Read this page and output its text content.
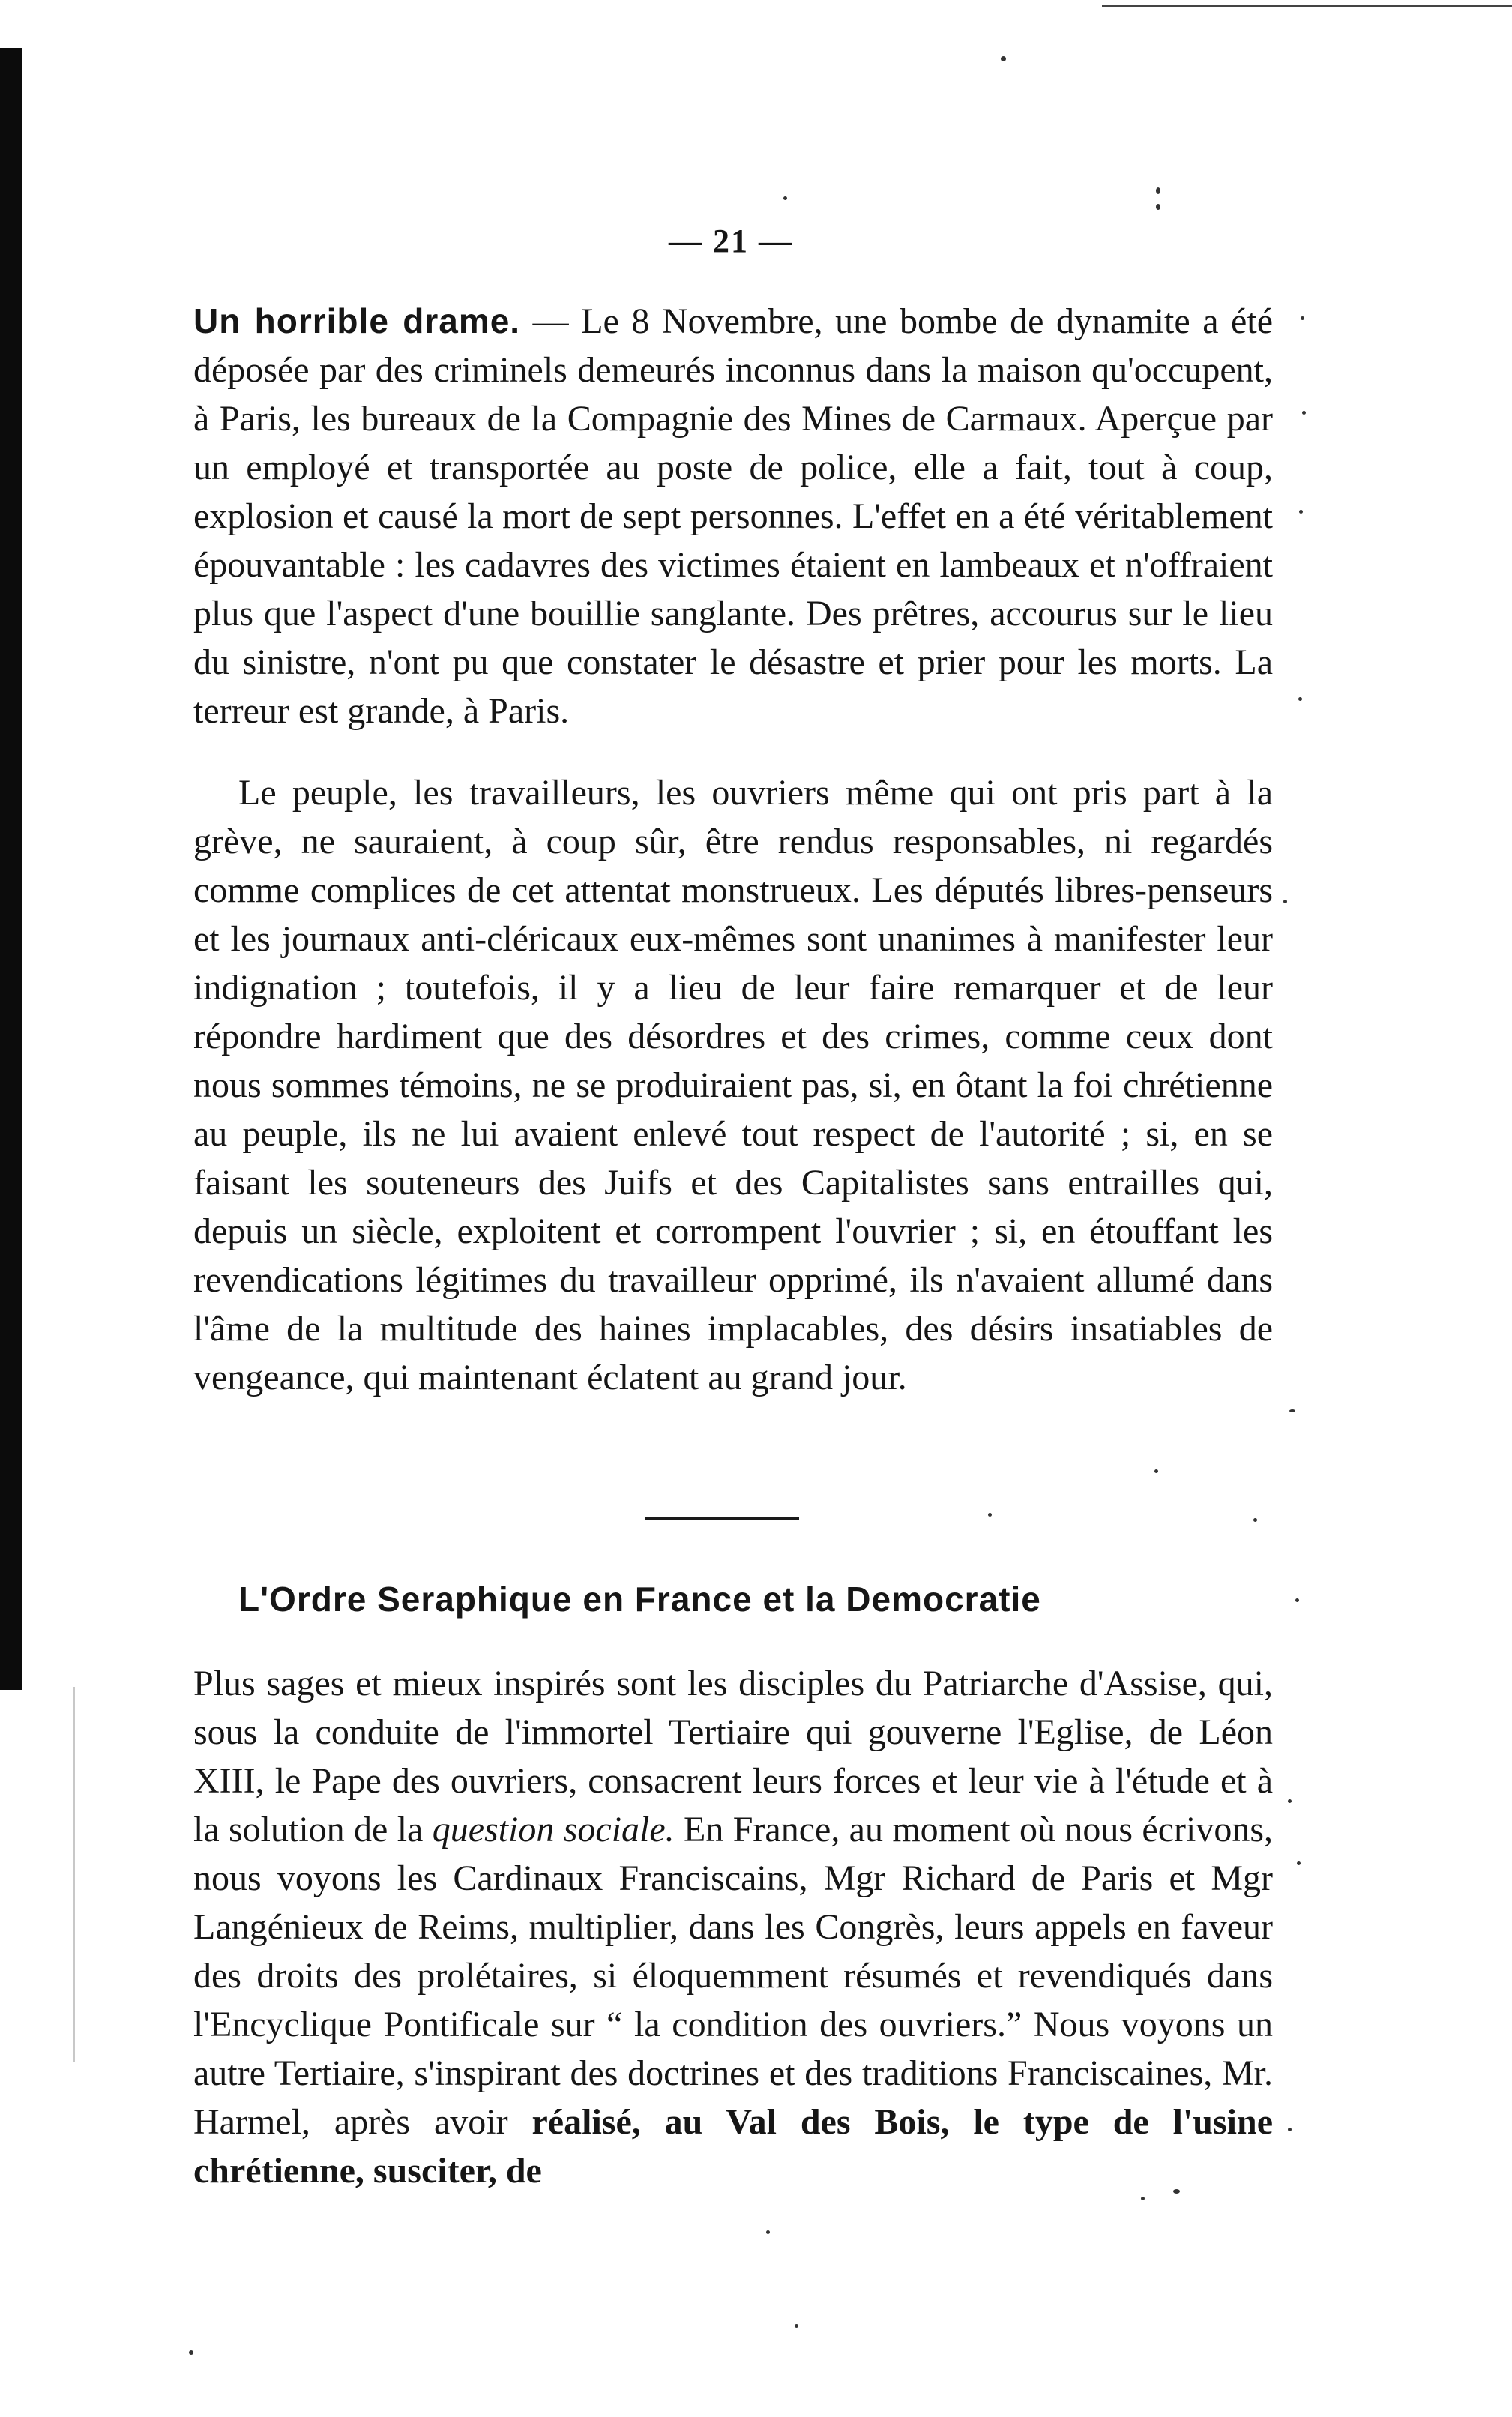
— 21 —

Un horrible drame. — Le 8 Novembre, une bombe de dynamite a été déposée par des criminels demeurés inconnus dans la maison qu'occupent, à Paris, les bureaux de la Compagnie des Mines de Carmaux. Aperçue par un employé et transportée au poste de police, elle a fait, tout à coup, explosion et causé la mort de sept personnes. L'effet en a été véritablement épouvantable : les cadavres des victimes étaient en lambeaux et n'offraient plus que l'aspect d'une bouillie sanglante. Des prêtres, accourus sur le lieu du sinistre, n'ont pu que constater le désastre et prier pour les morts. La terreur est grande, à Paris.

Le peuple, les travailleurs, les ouvriers même qui ont pris part à la grève, ne sauraient, à coup sûr, être rendus responsables, ni regardés comme complices de cet attentat monstrueux. Les députés libres-penseurs et les journaux anti-cléricaux eux-mêmes sont unanimes à manifester leur indignation ; toutefois, il y a lieu de leur faire remarquer et de leur répondre hardiment que des désordres et des crimes, comme ceux dont nous sommes témoins, ne se produiraient pas, si, en ôtant la foi chrétienne au peuple, ils ne lui avaient enlevé tout respect de l'autorité ; si, en se faisant les souteneurs des Juifs et des Capitalistes sans entrailles qui, depuis un siècle, exploitent et corrompent l'ouvrier ; si, en étouffant les revendications légitimes du travailleur opprimé, ils n'avaient allumé dans l'âme de la multitude des haines implacables, des désirs insatiables de vengeance, qui maintenant éclatent au grand jour.

L'Ordre Seraphique en France et la Democratie

Plus sages et mieux inspirés sont les disciples du Patriarche d'Assise, qui, sous la conduite de l'immortel Tertiaire qui gouverne l'Eglise, de Léon XIII, le Pape des ouvriers, consacrent leurs forces et leur vie à l'étude et à la solution de la question sociale. En France, au moment où nous écrivons, nous voyons les Cardinaux Franciscains, Mgr Richard de Paris et Mgr Langénieux de Reims, multiplier, dans les Congrès, leurs appels en faveur des droits des prolétaires, si éloquemment résumés et revendiqués dans l'Encyclique Pontificale sur “ la condition des ouvriers.” Nous voyons un autre Tertiaire, s'inspirant des doctrines et des traditions Franciscaines, Mr. Harmel, après avoir réalisé, au Val des Bois, le type de l'usine chrétienne, susciter, de
